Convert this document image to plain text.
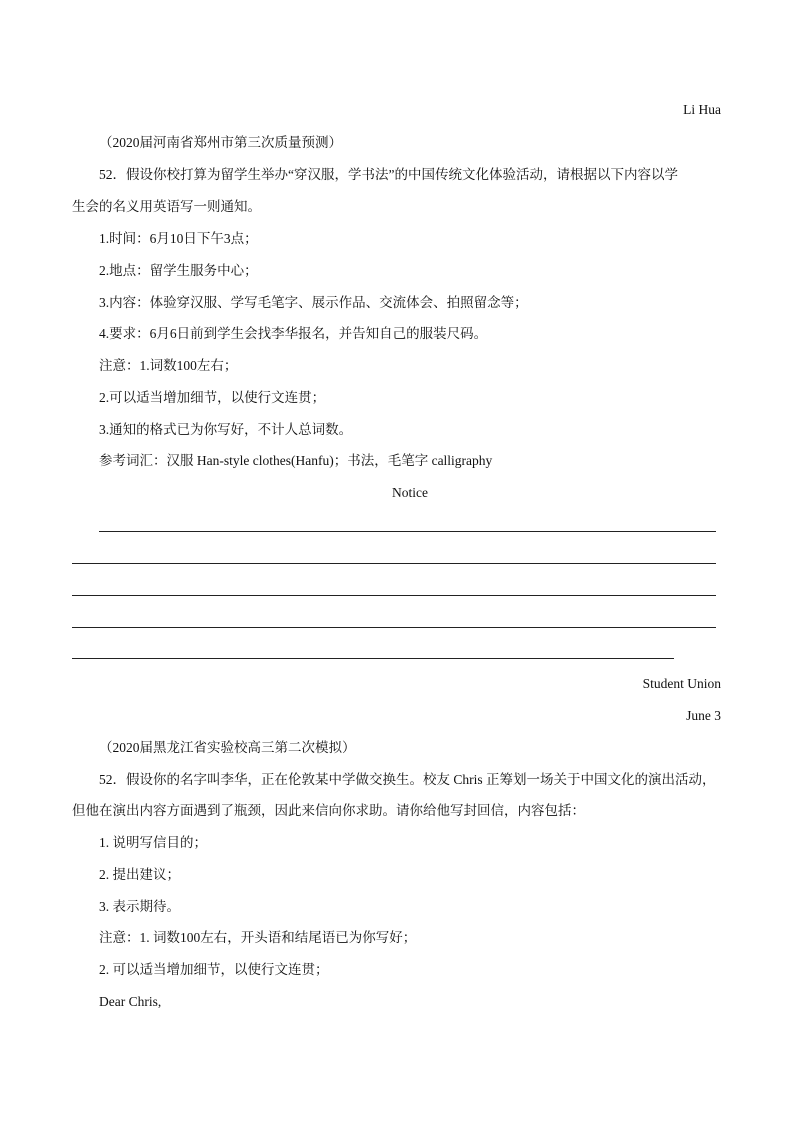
Li Hua
（2020届河南省郑州市第三次质量预测）
52．假设你校打算为留学生举办“穿汉服，学书法”的中国传统文化体验活动，请根据以下内容以学
生会的名义用英语写一则通知。
1.时间：6月10日下午3点；
2.地点：留学生服务中心；
3.内容：体验穿汉服、学写毛笔字、展示作品、交流体会、拍照留念等；
4.要求：6月6日前到学生会找李华报名，并告知自己的服装尺码。
注意：1.词数100左右；
2.可以适当增加细节，以使行文连贯；
3.通知的格式已为你写好，不计人总词数。
参考词汇：汉服 Han-style clothes(Hanfu)；书法，毛笔字 calligraphy
Notice
Student Union
June 3
（2020届黑龙江省实验校高三第二次模拟）
52．假设你的名字叫李华，正在伦敦某中学做交换生。校友 Chris 正筹划一场关于中国文化的演出活动，
但他在演出内容方面遇到了瓶颈，因此来信向你求助。请你给他写封回信，内容包括：
1. 说明写信目的；
2. 提出建议；
3. 表示期待。
注意：1. 词数100左右，开头语和结尾语已为你写好；
2. 可以适当增加细节，以使行文连贯；
Dear Chris,
